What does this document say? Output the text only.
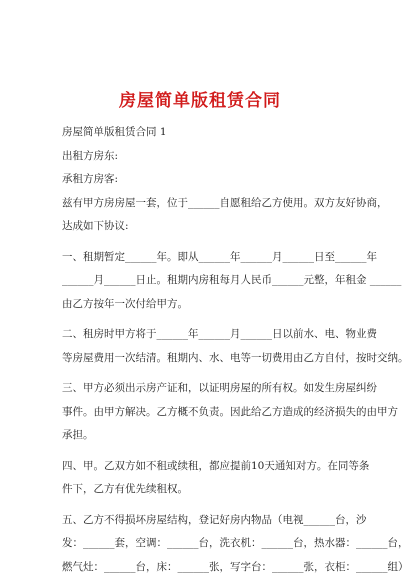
房屋简单版租赁合同

房屋简单版租赁合同 1

出租方房东:

承租方房客:

兹有甲方房房屋一套，位于______自愿租给乙方使用。双方友好协商，

达成如下协议:

一、租期暂定______年。即从______年______月______日至______年

______月______日止。租期内房租每月人民币______元整，年租金 ______

由乙方按年一次付给甲方。

二、租房时甲方将于______年______月______日以前水、电、物业费

等房屋费用一次结清。租期内、水、电等一切费用由乙方自付，按时交纳。

三、甲方必须出示房产证和，以证明房屋的所有权。如发生房屋纠纷

事件。由甲方解决。乙方概不负责。因此给乙方造成的经济损失的由甲方

承担。

四、甲。乙双方如不租或续租，都应提前10天通知对方。在同等条

件下，乙方有优先续租权。

五、乙方不得损坏房屋结构，登记好房内物品（电视______台，沙

发：______套，空调：______台，洗衣机：______台，热水器：______台，

燃气灶：______台，床：______张，写字台：______张，衣柜：______组）
